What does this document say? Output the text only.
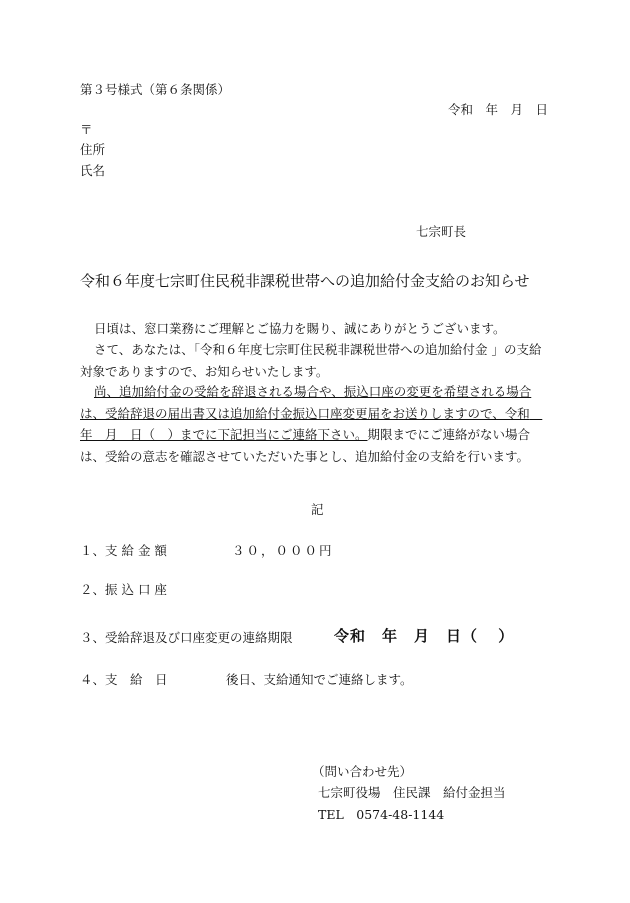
第３号様式（第６条関係）
令和　年　月　日
〒
住所
氏名
七宗町長
令和６年度七宗町住民税非課税世帯への追加給付金支給のお知らせ
日頃は、窓口業務にご理解とご協力を賜り、誠にありがとうございます。
さて、あなたは、「令和６年度七宗町住民税非課税世帯への追加給付金 」の支給対象でありますので、お知らせいたします。
尚、追加給付金の受給を辞退される場合や、振込口座の変更を希望される場合は、受給辞退の届出書又は追加給付金振込口座変更届をお送りしますので、令和　年　月　日（　）までに下記担当にご連絡下さい。期限までにご連絡がない場合は、受給の意志を確認させていただいた事とし、追加給付金の支給を行います。
記
１、支 給 金 額	３０，０００円
２、振 込 口 座
３、受給辞退及び口座変更の連絡期限	令和　年　月　日（ ）
４、支　給　日	後日、支給通知でご連絡します。
（問い合わせ先）
七宗町役場　住民課　給付金担当
TEL　0574-48-1144
